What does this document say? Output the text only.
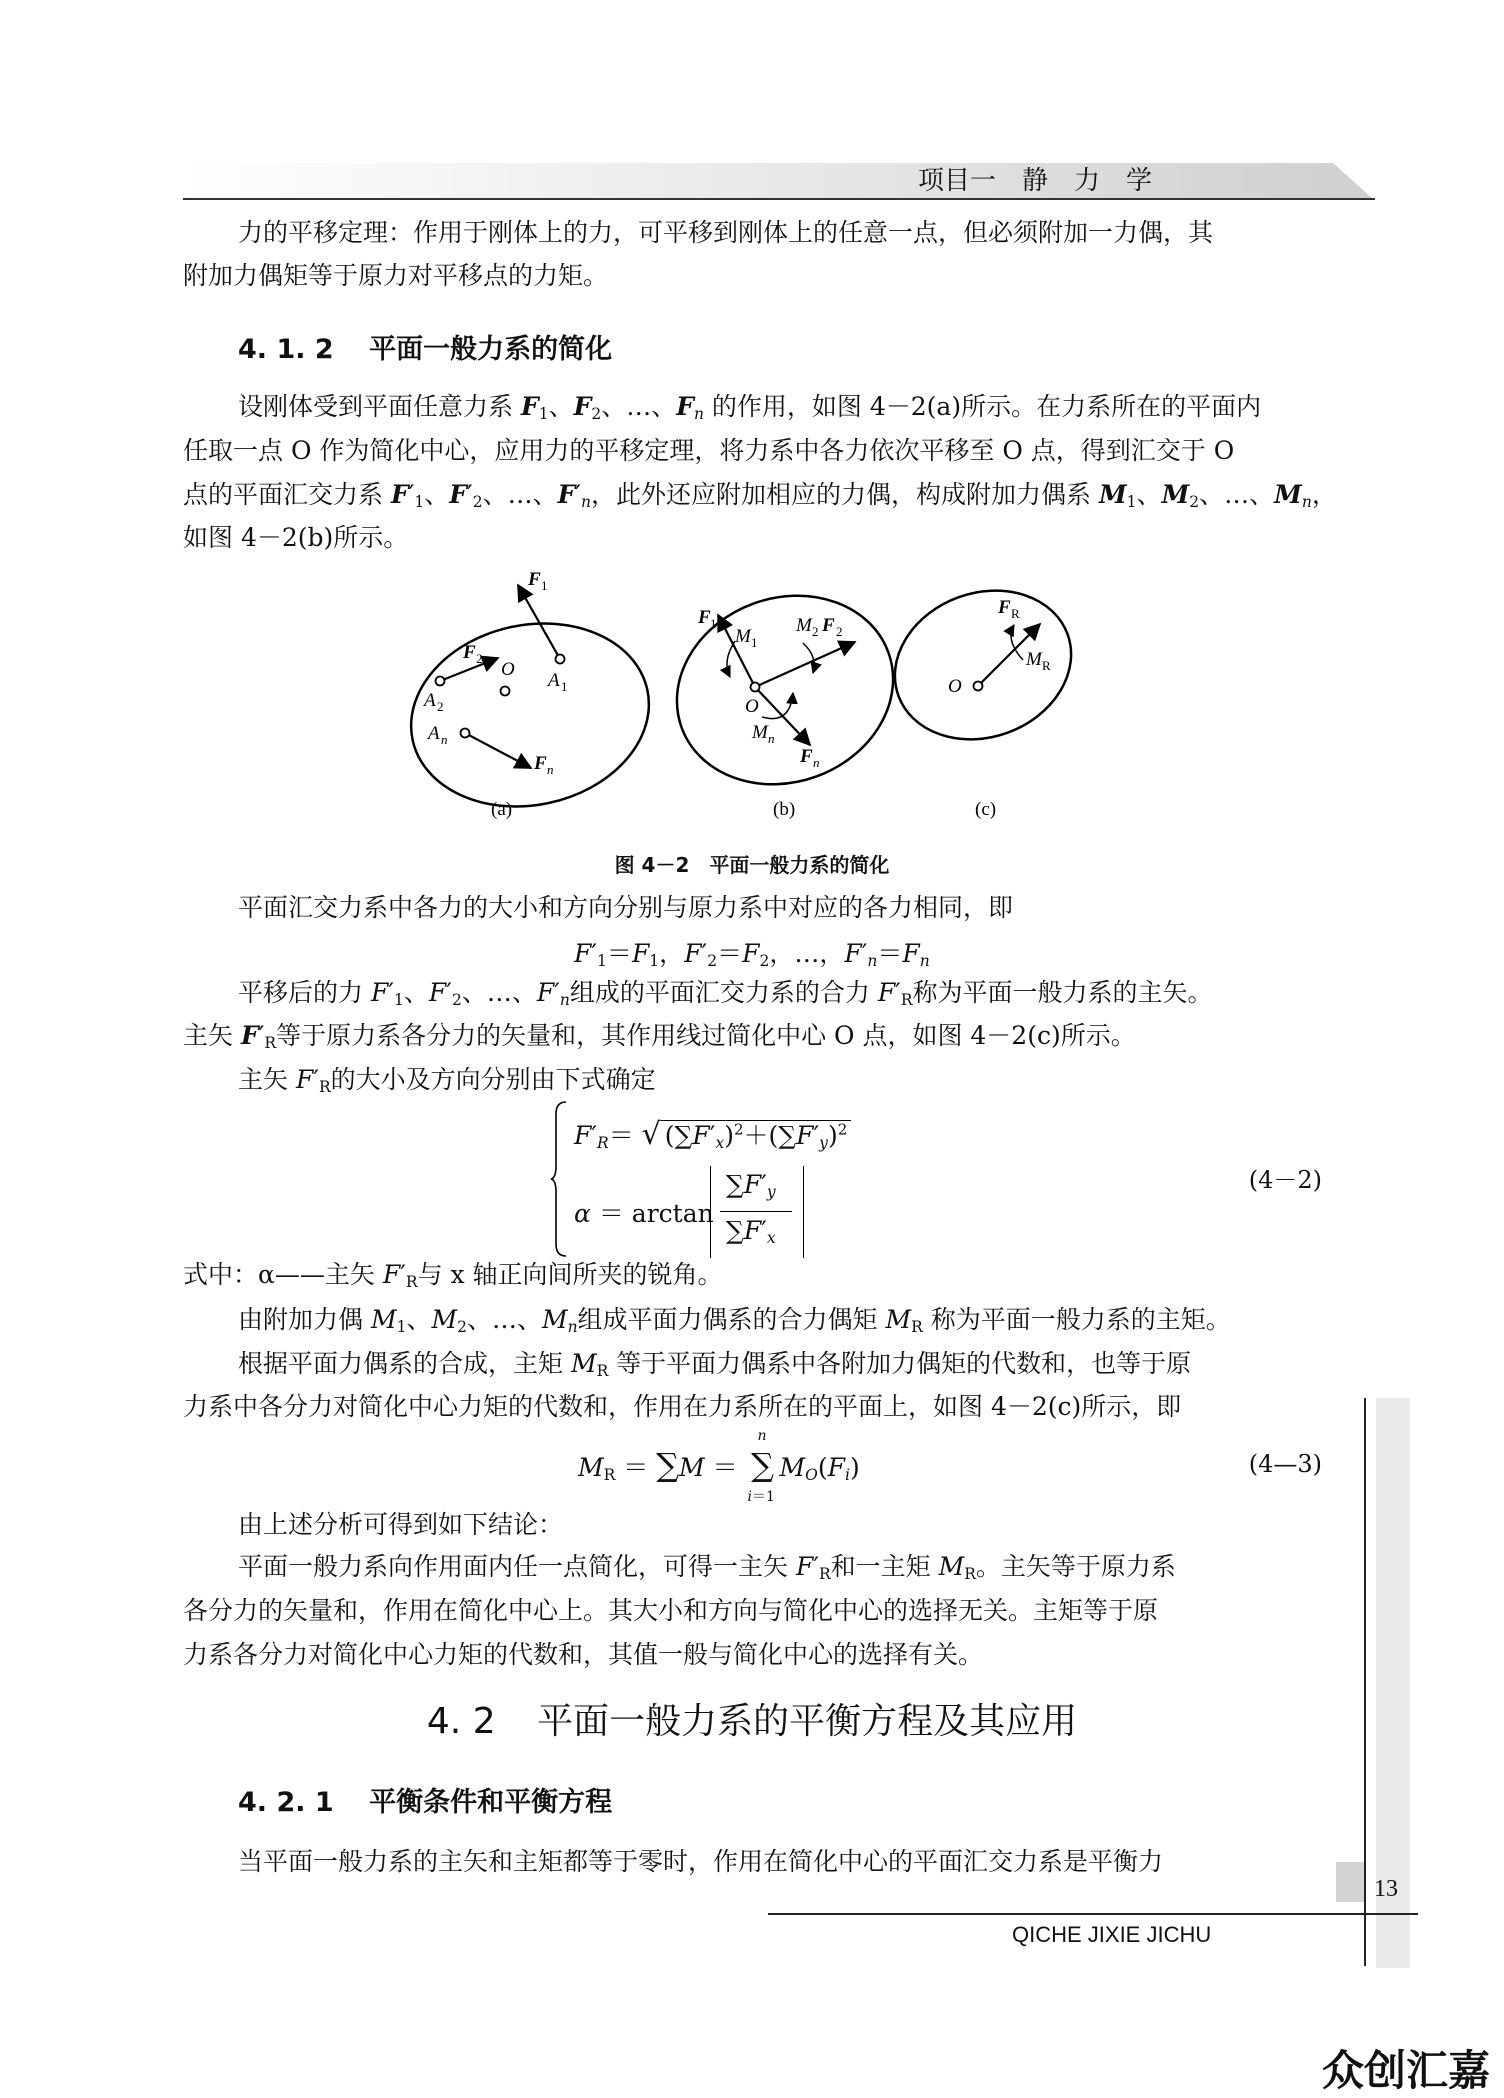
项目一　静　力　学
力的平移定理：作用于刚体上的力，可平移到刚体上的任意一点，但必须附加一力偶，其
附加力偶矩等于原力对平移点的力矩。
4. 1. 2 平面一般力系的简化
设刚体受到平面任意力系 $F_1$、$F_2$、…、$F_n$ 的作用，如图 4－2(a)所示。在力系所在的平面内
任取一点 O 作为简化中心，应用力的平移定理，将力系中各力依次平移至 O 点，得到汇交于 O
点的平面汇交力系 $F'_1$、$F'_2$、…、$F'_n$，此外还应附加相应的力偶，构成附加力偶系 $M_1$、$M_2$、…、$M_n$，
如图 4－2(b)所示。
F 1
A 1
F 2
A 2
O
A n
F n
(a)
F 1
M 1
M 2 F 2
O
M n
F n
(b)
F R
M R
O
(c)
图 4－2　平面一般力系的简化
平面汇交力系中各力的大小和方向分别与原力系中对应的各力相同，即
$F'_1=F_1$，$F'_2=F_2$，…，$F'_n=F_n$
平移后的力 $F'_1$、$F'_2$、…、$F'_n$组成的平面汇交力系的合力 $F'_R$称为平面一般力系的主矢。
主矢 $F'_R$等于原力系各分力的矢量和，其作用线过简化中心 O 点，如图 4－2(c)所示。
主矢 $F'_R$的大小及方向分别由下式确定
$F'_R=$ √ $(\sum F'_x)^2+(\sum F'_y)^2$
α ＝ arctan
$\sum F'_y$
$\sum F'_x$
(4－2)
式中：α——主矢 $F'_R$与 x 轴正向间所夹的锐角。
由附加力偶 $M_1$、$M_2$、…、$M_n$组成平面力偶系的合力偶矩 $M_R$ 称为平面一般力系的主矩。
根据平面力偶系的合成，主矩 $M_R$ 等于平面力偶系中各附加力偶矩的代数和，也等于原
力系中各分力对简化中心力矩的代数和，作用在力系所在的平面上，如图 4－2(c)所示，即
$M_R = \sum M$ ＝
n
∑
i＝1
$M_O(F_i)$	(4—3)
由上述分析可得到如下结论：
平面一般力系向作用面内任一点简化，可得一主矢 $F'_R$和一主矩 $M_R$。主矢等于原力系
各分力的矢量和，作用在简化中心上。其大小和方向与简化中心的选择无关。主矩等于原
力系各分力对简化中心力矩的代数和，其值一般与简化中心的选择有关。
4. 2 平面一般力系的平衡方程及其应用
4. 2. 1 平衡条件和平衡方程
当平面一般力系的主矢和主矩都等于零时，作用在简化中心的平面汇交力系是平衡力
13
QICHE JIXIE JICHU
众创汇嘉
